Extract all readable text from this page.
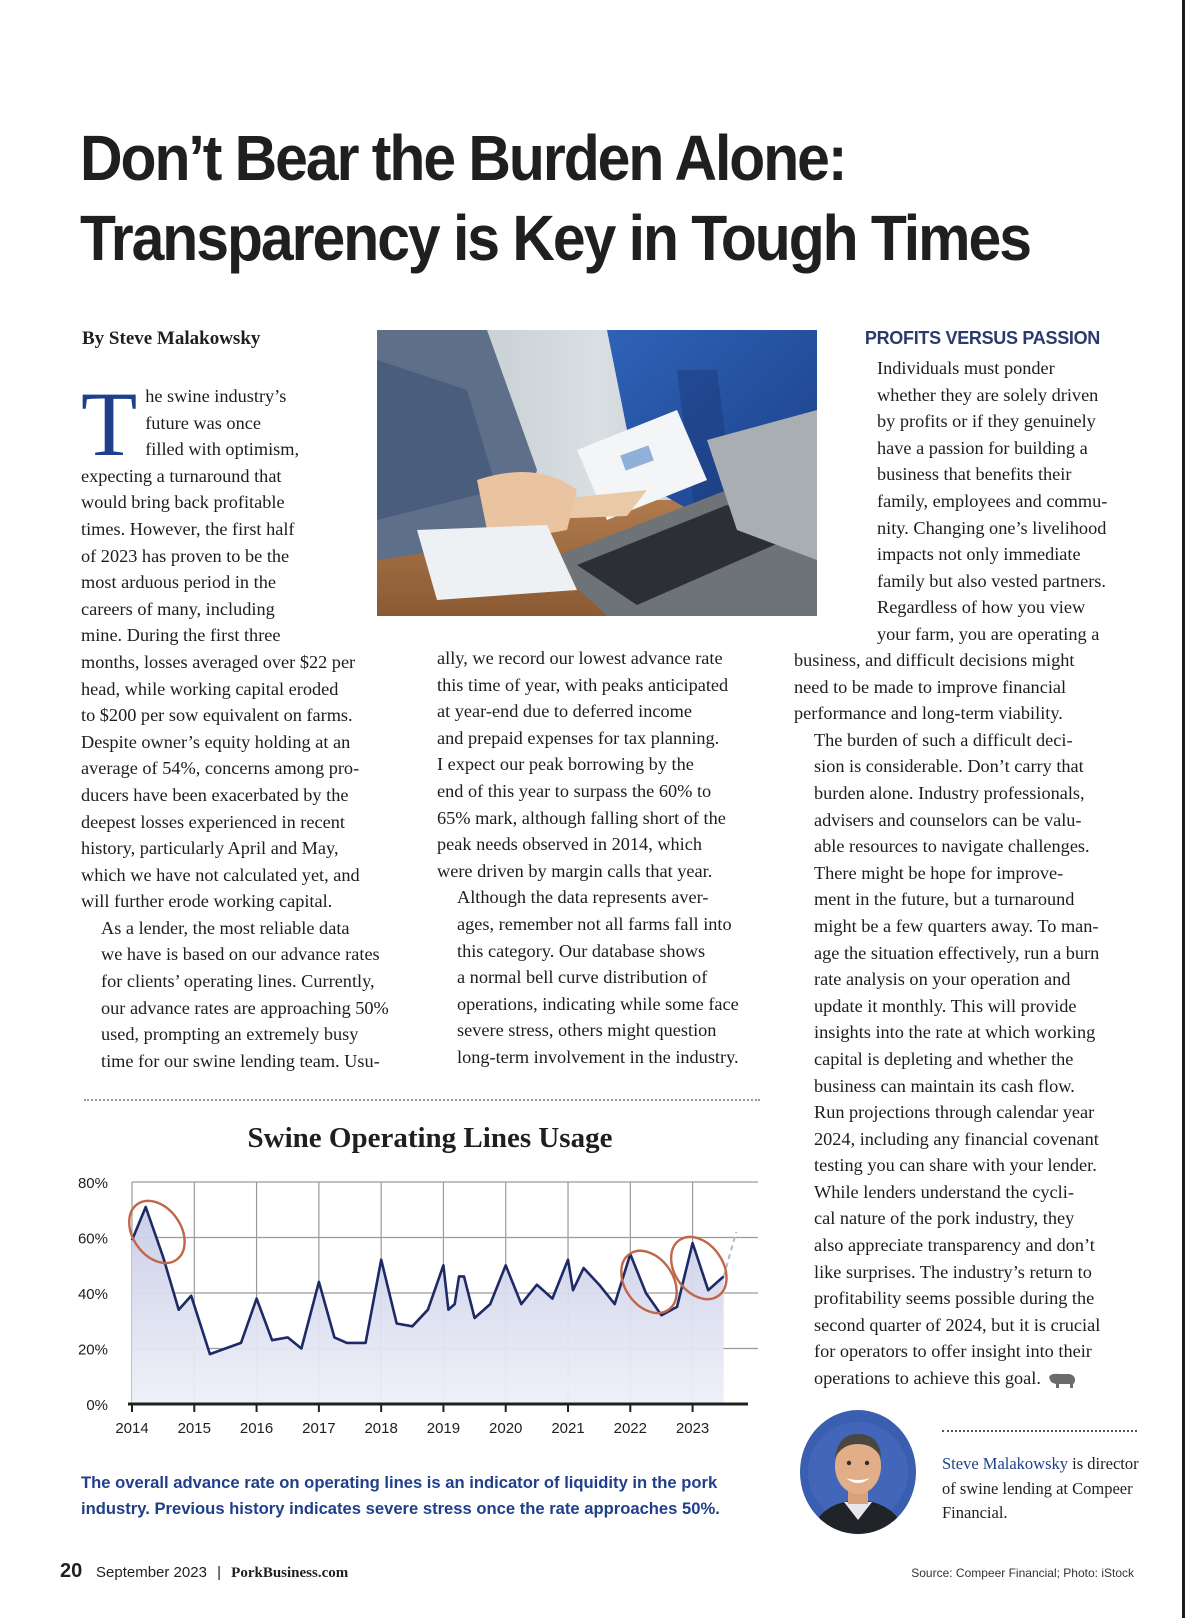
Don’t Bear the Burden Alone:
Transparency is Key in Tough Times
By Steve Malakowsky
T he swine industry’s
future was once
filled with optimism,
expecting a turnaround that
would bring back profitable
times. However, the first half
of 2023 has proven to be the
most arduous period in the
careers of many, including
mine. During the first three
months, losses averaged over $22 per
head, while working capital eroded
to $200 per sow equivalent on farms.
Despite owner’s equity holding at an
average of 54%, concerns among pro-
ducers have been exacerbated by the
deepest losses experienced in recent
history, particularly April and May,
which we have not calculated yet, and
will further erode working capital.

As a lender, the most reliable data
we have is based on our advance rates
for clients’ operating lines. Currently,
our advance rates are approaching 50%
used, prompting an extremely busy
time for our swine lending team. Usu-

ally, we record our lowest advance rate
this time of year, with peaks anticipated
at year-end due to deferred income
and prepaid expenses for tax planning.
I expect our peak borrowing by the
end of this year to surpass the 60% to
65% mark, although falling short of the
peak needs observed in 2014, which
were driven by margin calls that year.

Although the data represents aver-
ages, remember not all farms fall into
this category. Our database shows
a normal bell curve distribution of
operations, indicating while some face
severe stress, others might question
long-term involvement in the industry.

PROFITS VERSUS PASSION

Individuals must ponder
whether they are solely driven
by profits or if they genuinely
have a passion for building a
business that benefits their
family, employees and commu-
nity. Changing one’s livelihood
impacts not only immediate
family but also vested partners.
Regardless of how you view
your farm, you are operating a

business, and difficult decisions might
need to be made to improve financial
performance and long-term viability.

The burden of such a difficult deci-
sion is considerable. Don’t carry that
burden alone. Industry professionals,
advisers and counselors can be valu-
able resources to navigate challenges.

There might be hope for improve-
ment in the future, but a turnaround
might be a few quarters away. To man-
age the situation effectively, run a burn
rate analysis on your operation and
update it monthly. This will provide
insights into the rate at which working
capital is depleting and whether the
business can maintain its cash flow.
Run projections through calendar year
2024, including any financial covenant
testing you can share with your lender.

While lenders understand the cycli-
cal nature of the pork industry, they
also appreciate transparency and don’t
like surprises. The industry’s return to
profitability seems possible during the
second quarter of 2024, but it is crucial
for operators to offer insight into their
operations to achieve this goal.

Swine Operating Lines Usage
0%
20%
40%
60%
80%
2014 2015 2016 2017 2018 2019 2020 2021 2022 2023
The overall advance rate on operating lines is an indicator of liquidity in the pork industry. Previous history indicates severe stress once the rate approaches 50%.
Steve Malakowsky is director of swine lending at Compeer Financial.
20 September 2023 | PorkBusiness.com	Source: Compeer Financial; Photo: iStock
